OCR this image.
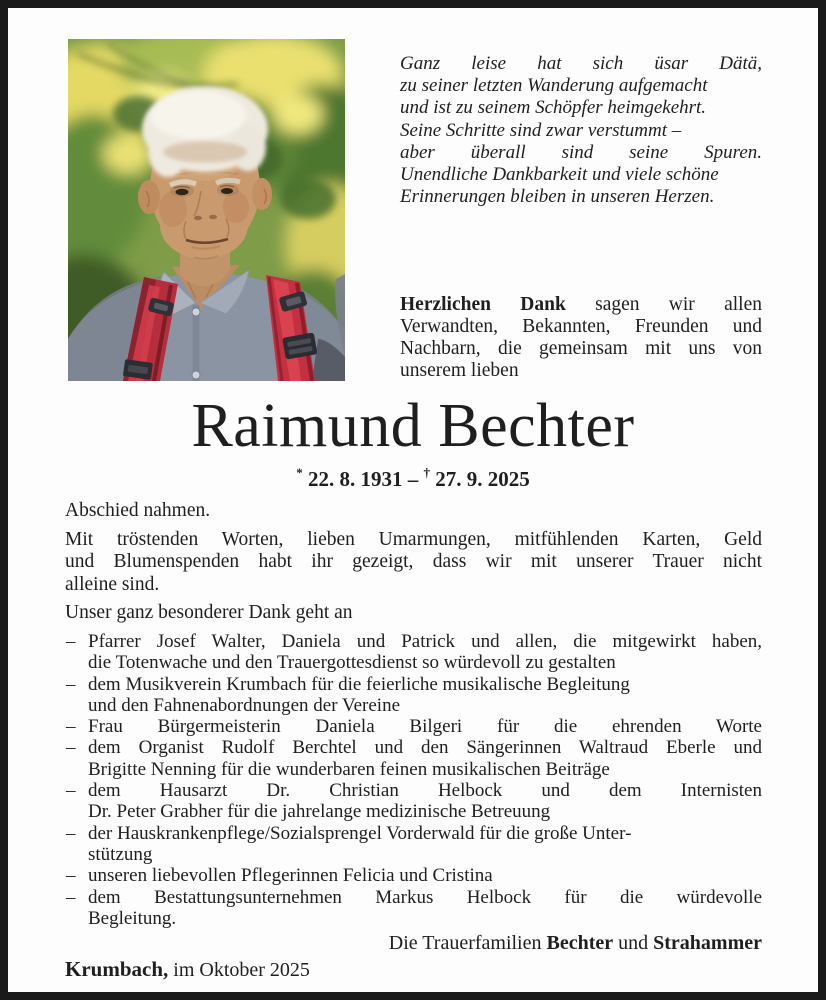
Ganz leise hat sich üsar Dätä,
zu seiner letzten Wanderung aufgemacht
und ist zu seinem Schöpfer heimgekehrt.
Seine Schritte sind zwar verstummt –
aber überall sind seine Spuren.
Unendliche Dankbarkeit und viele schöne
Erinnerungen bleiben in unseren Herzen.
Herzlichen Dank sagen wir allen
Verwandten, Bekannten, Freunden und
Nachbarn, die gemeinsam mit uns von
unserem lieben
Raimund Bechter
* 22. 8. 1931 – † 27. 9. 2025
Abschied nahmen.
Mit tröstenden Worten, lieben Umarmungen, mitfühlenden Karten, Geld
und Blumenspenden habt ihr gezeigt, dass wir mit unserer Trauer nicht
alleine sind.
Unser ganz besonderer Dank geht an
– Pfarrer Josef Walter, Daniela und Patrick und allen, die mitgewirkt haben,
die Totenwache und den Trauergottesdienst so würdevoll zu gestalten
– dem Musikverein Krumbach für die feierliche musikalische Begleitung
und den Fahnenabordnungen der Vereine
– Frau Bürgermeisterin Daniela Bilgeri für die ehrenden Worte
– dem Organist Rudolf Berchtel und den Sängerinnen Waltraud Eberle und
Brigitte Nenning für die wunderbaren feinen musikalischen Beiträge
– dem Hausarzt Dr. Christian Helbock und dem Internisten
Dr. Peter Grabher für die jahrelange medizinische Betreuung
– der Hauskrankenpflege/Sozialsprengel Vorderwald für die große Unter-
stützung
– unseren liebevollen Pflegerinnen Felicia und Cristina
– dem Bestattungsunternehmen Markus Helbock für die würdevolle
Begleitung.
Die Trauerfamilien Bechter und Strahammer
Krumbach, im Oktober 2025
